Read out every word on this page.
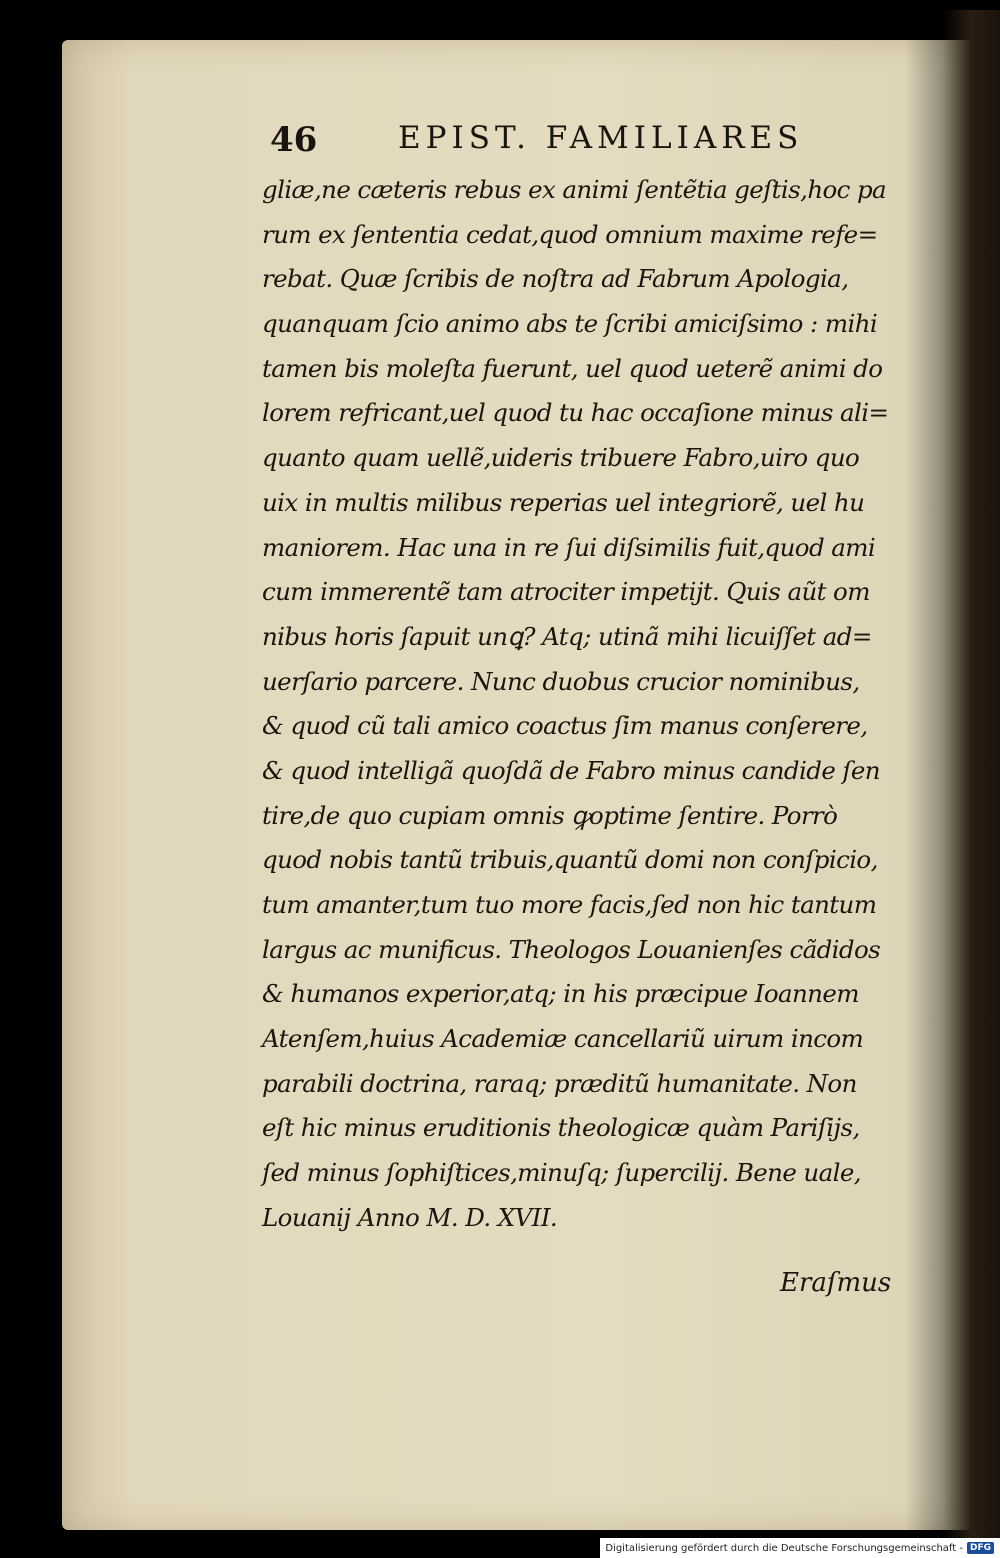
46	EPIST. FAMILIARES
gliæ,ne cæteris rebus ex animi ſentẽtia geſtis,hoc pa
rum ex ſententia cedat,quod omnium maxime refe=
rebat. Quæ ſcribis de noſtra ad Fabrum Apologia,
quanquam ſcio animo abs te ſcribi amiciſsimo : mihi
tamen bis moleſta fuerunt, uel quod ueterẽ animi do
lorem refricant,uel quod tu hac occaſione minus ali=
quanto quam uellẽ,uideris tribuere Fabro,uiro quo
uix in multis milibus reperias uel integriorẽ, uel hu
maniorem. Hac una in re ſui diſsimilis fuit,quod ami
cum immerentẽ tam atrociter impetijt. Quis aũt om
nibus horis ſapuit unꝗ? Atq; utinã mihi licuiſſet ad=
uerſario parcere. Nunc duobus crucior nominibus,
& quod cũ tali amico coactus ſim manus conſerere,
& quod intelligã quoſdã de Fabro minus candide ſen
tire,de quo cupiam omnis ꝙoptime ſentire. Porrò
quod nobis tantũ tribuis,quantũ domi non conſpicio,
tum amanter,tum tuo more facis,ſed non hic tantum
largus ac munificus. Theologos Louanienſes cãdidos
& humanos experior,atq; in his præcipue Ioannem
Atenſem,huius Academiæ cancellariũ uirum incom
parabili doctrina, raraq; præditũ humanitate. Non
eſt hic minus eruditionis theologicæ quàm Pariſijs,
ſed minus ſophiſtices,minuſq; ſupercilij. Bene uale,
Louanij Anno M. D. XVII.
Eraſmus
Digitalisierung gefördert durch die Deutsche Forschungsgemeinschaft - DFG
